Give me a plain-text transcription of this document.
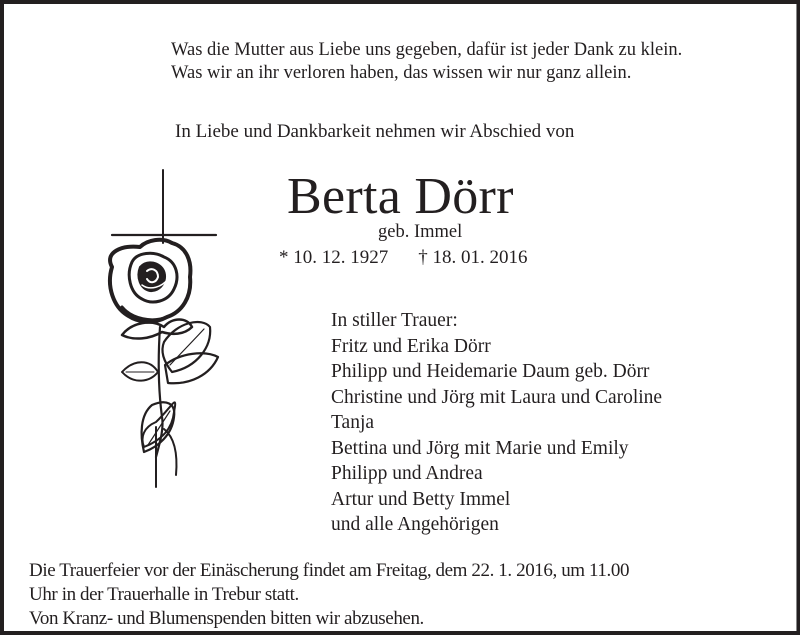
Was die Mutter aus Liebe uns gegeben, dafür ist jeder Dank zu klein.
Was wir an ihr verloren haben, das wissen wir nur ganz allein.
In Liebe und Dankbarkeit nehmen wir Abschied von
Berta Dörr
geb. Immel
* 10. 12. 1927 † 18. 01. 2016
In stiller Trauer:
Fritz und Erika Dörr
Philipp und Heidemarie Daum geb. Dörr
Christine und Jörg mit Laura und Caroline
Tanja
Bettina und Jörg mit Marie und Emily
Philipp und Andrea
Artur und Betty Immel
und alle Angehörigen
Die Trauerfeier vor der Einäscherung findet am Freitag, dem 22. 1. 2016, um 11.00
Uhr in der Trauerhalle in Trebur statt.
Von Kranz- und Blumenspenden bitten wir abzusehen.
